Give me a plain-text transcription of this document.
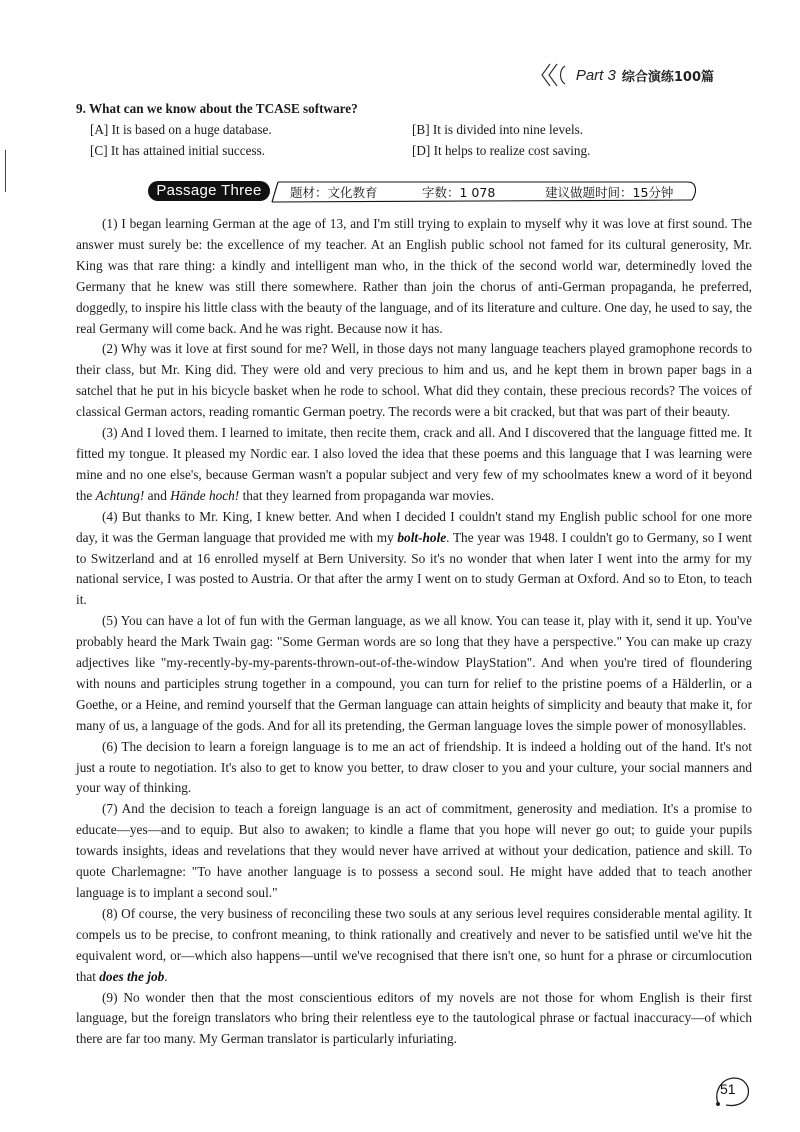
Part 3 综合演练100篇

9. What can we know about the TCASE software?

[A] It is based on a huge database.	[B] It is divided into nine levels.
[C] It has attained initial success.	[D] It helps to realize cost saving.
Passage Three	题材：文化教育	字数：1 078	建议做题时间：15分钟

(1) I began learning German at the age of 13, and I'm still trying to explain to myself why it was love at first sound. The answer must surely be: the excellence of my teacher. At an English public school not famed for its cultural generosity, Mr. King was that rare thing: a kindly and intelligent man who, in the thick of the second world war, determinedly loved the Germany that he knew was still there somewhere. Rather than join the chorus of anti-German propaganda, he preferred, doggedly, to inspire his little class with the beauty of the language, and of its literature and culture. One day, he used to say, the real Germany will come back. And he was right. Because now it has.

(2) Why was it love at first sound for me? Well, in those days not many language teachers played gramophone records to their class, but Mr. King did. They were old and very precious to him and us, and he kept them in brown paper bags in a satchel that he put in his bicycle basket when he rode to school. What did they contain, these precious records? The voices of classical German actors, reading romantic German poetry. The records were a bit cracked, but that was part of their beauty.

(3) And I loved them. I learned to imitate, then recite them, crack and all. And I discovered that the language fitted me. It fitted my tongue. It pleased my Nordic ear. I also loved the idea that these poems and this language that I was learning were mine and no one else's, because German wasn't a popular subject and very few of my schoolmates knew a word of it beyond the Achtung! and Hände hoch! that they learned from propaganda war movies.

(4) But thanks to Mr. King, I knew better. And when I decided I couldn't stand my English public school for one more day, it was the German language that provided me with my bolt-hole. The year was 1948. I couldn't go to Germany, so I went to Switzerland and at 16 enrolled myself at Bern University. So it's no wonder that when later I went into the army for my national service, I was posted to Austria. Or that after the army I went on to study German at Oxford. And so to Eton, to teach it.

(5) You can have a lot of fun with the German language, as we all know. You can tease it, play with it, send it up. You've probably heard the Mark Twain gag: "Some German words are so long that they have a perspective." You can make up crazy adjectives like "my-recently-by-my-parents-thrown-out-of-the-window PlayStation". And when you're tired of floundering with nouns and participles strung together in a compound, you can turn for relief to the pristine poems of a Hälderlin, or a Goethe, or a Heine, and remind yourself that the German language can attain heights of simplicity and beauty that make it, for many of us, a language of the gods. And for all its pretending, the German language loves the simple power of monosyllables.

(6) The decision to learn a foreign language is to me an act of friendship. It is indeed a holding out of the hand. It's not just a route to negotiation. It's also to get to know you better, to draw closer to you and your culture, your social manners and your way of thinking.

(7) And the decision to teach a foreign language is an act of commitment, generosity and mediation. It's a promise to educate—yes—and to equip. But also to awaken; to kindle a flame that you hope will never go out; to guide your pupils towards insights, ideas and revelations that they would never have arrived at without your dedication, patience and skill. To quote Charlemagne: "To have another language is to possess a second soul. He might have added that to teach another language is to implant a second soul."

(8) Of course, the very business of reconciling these two souls at any serious level requires considerable mental agility. It compels us to be precise, to confront meaning, to think rationally and creatively and never to be satisfied until we've hit the equivalent word, or—which also happens—until we've recognised that there isn't one, so hunt for a phrase or circumlocution that does the job.

(9) No wonder then that the most conscientious editors of my novels are not those for whom English is their first language, but the foreign translators who bring their relentless eye to the tautological phrase or factual inaccuracy—of which there are far too many. My German translator is particularly infuriating.

51
